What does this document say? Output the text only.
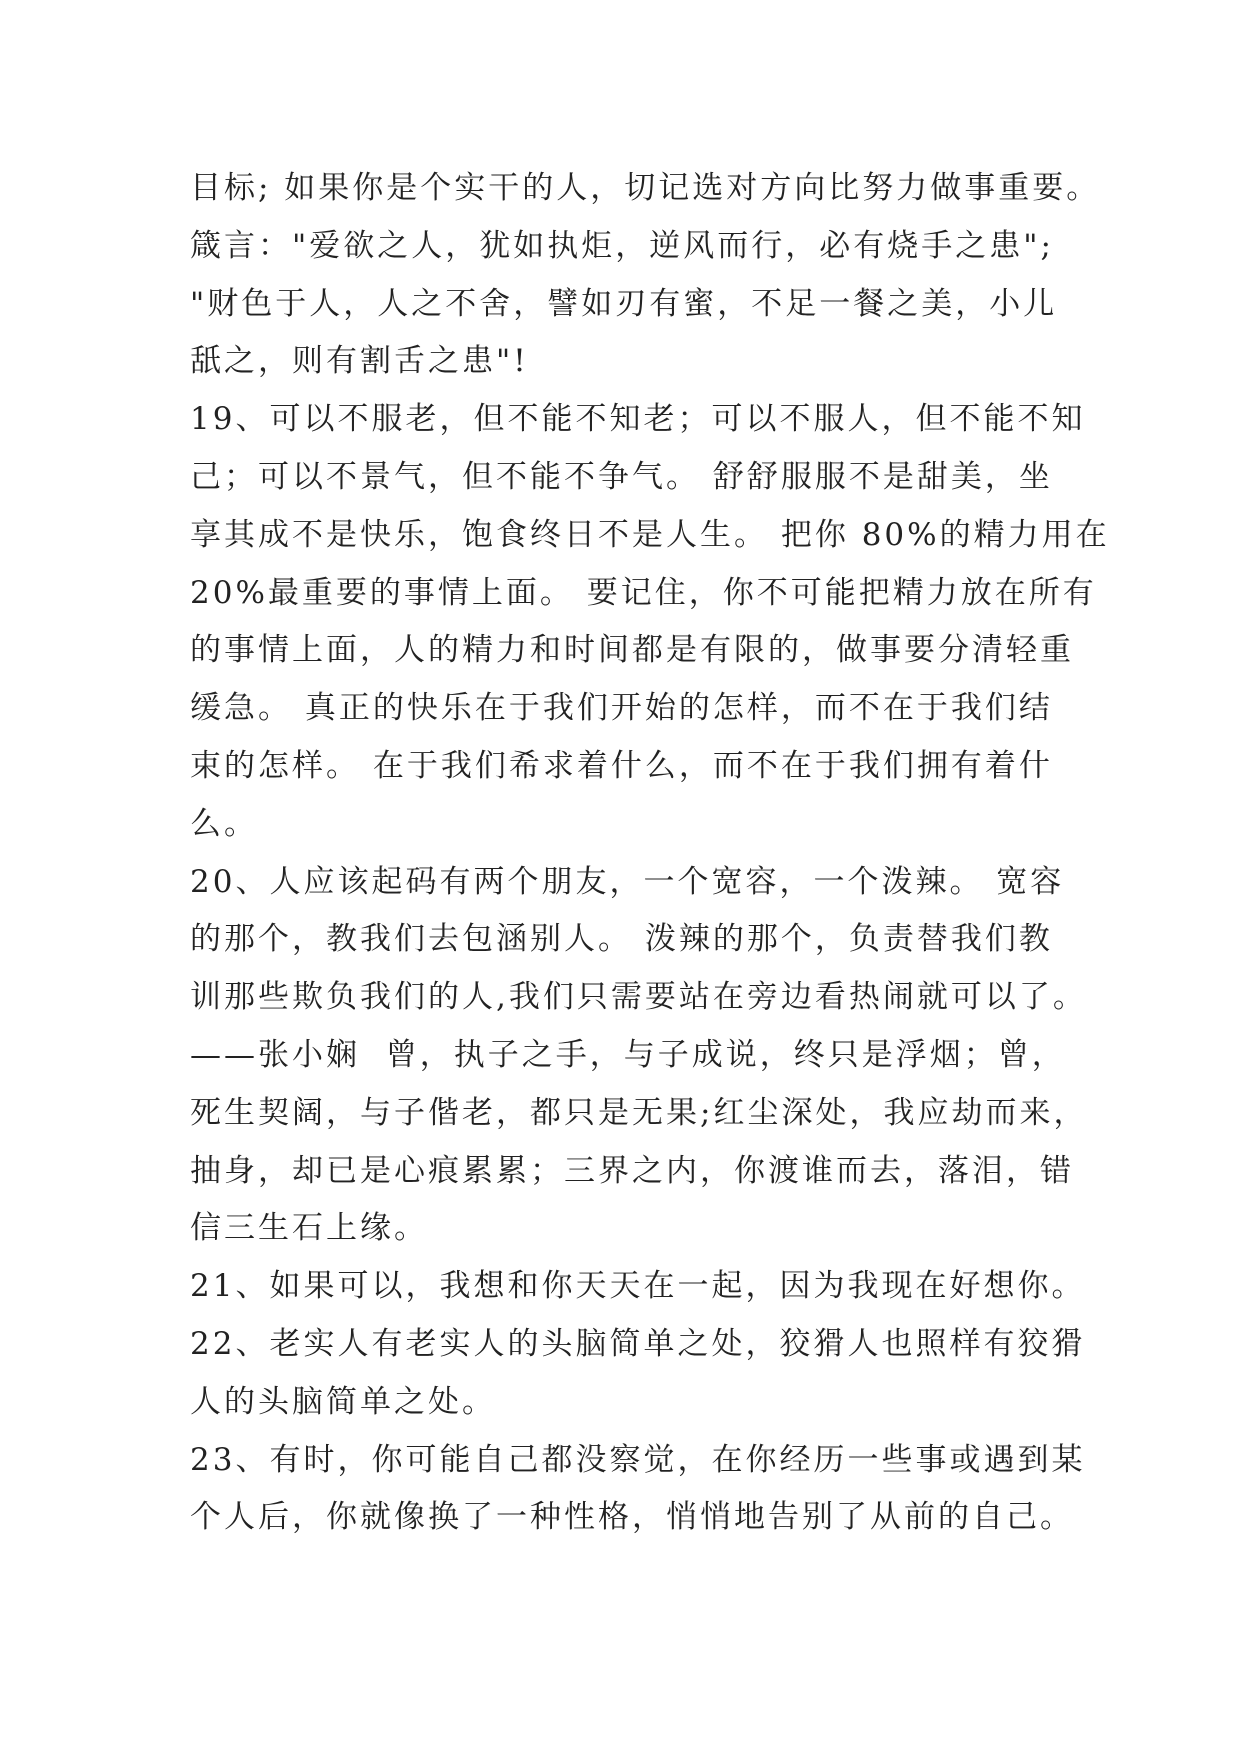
目标; 如果你是个实干的人，切记选对方向比努力做事重要。
箴言："爱欲之人，犹如执炬，逆风而行，必有烧手之患";
"财色于人，人之不舍，譬如刃有蜜，不足一餐之美，小儿
舐之，则有割舌之患"!
19、可以不服老，但不能不知老；可以不服人，但不能不知
己；可以不景气，但不能不争气。 舒舒服服不是甜美，坐
享其成不是快乐，饱食终日不是人生。 把你 80%的精力用在
20%最重要的事情上面。 要记住，你不可能把精力放在所有
的事情上面，人的精力和时间都是有限的，做事要分清轻重
缓急。 真正的快乐在于我们开始的怎样，而不在于我们结
束的怎样。 在于我们希求着什么，而不在于我们拥有着什
么。
20、人应该起码有两个朋友，一个宽容，一个泼辣。 宽容
的那个，教我们去包涵别人。 泼辣的那个，负责替我们教
训那些欺负我们的人,我们只需要站在旁边看热闹就可以了。
——张小娴  曾，执子之手，与子成说，终只是浮烟；曾，
死生契阔，与子偕老，都只是无果;红尘深处，我应劫而来，
抽身，却已是心痕累累；三界之内，你渡谁而去，落泪，错
信三生石上缘。
21、如果可以，我想和你天天在一起，因为我现在好想你。
22、老实人有老实人的头脑简单之处，狡猾人也照样有狡猾
人的头脑简单之处。
23、有时，你可能自己都没察觉，在你经历一些事或遇到某
个人后，你就像换了一种性格，悄悄地告别了从前的自己。
